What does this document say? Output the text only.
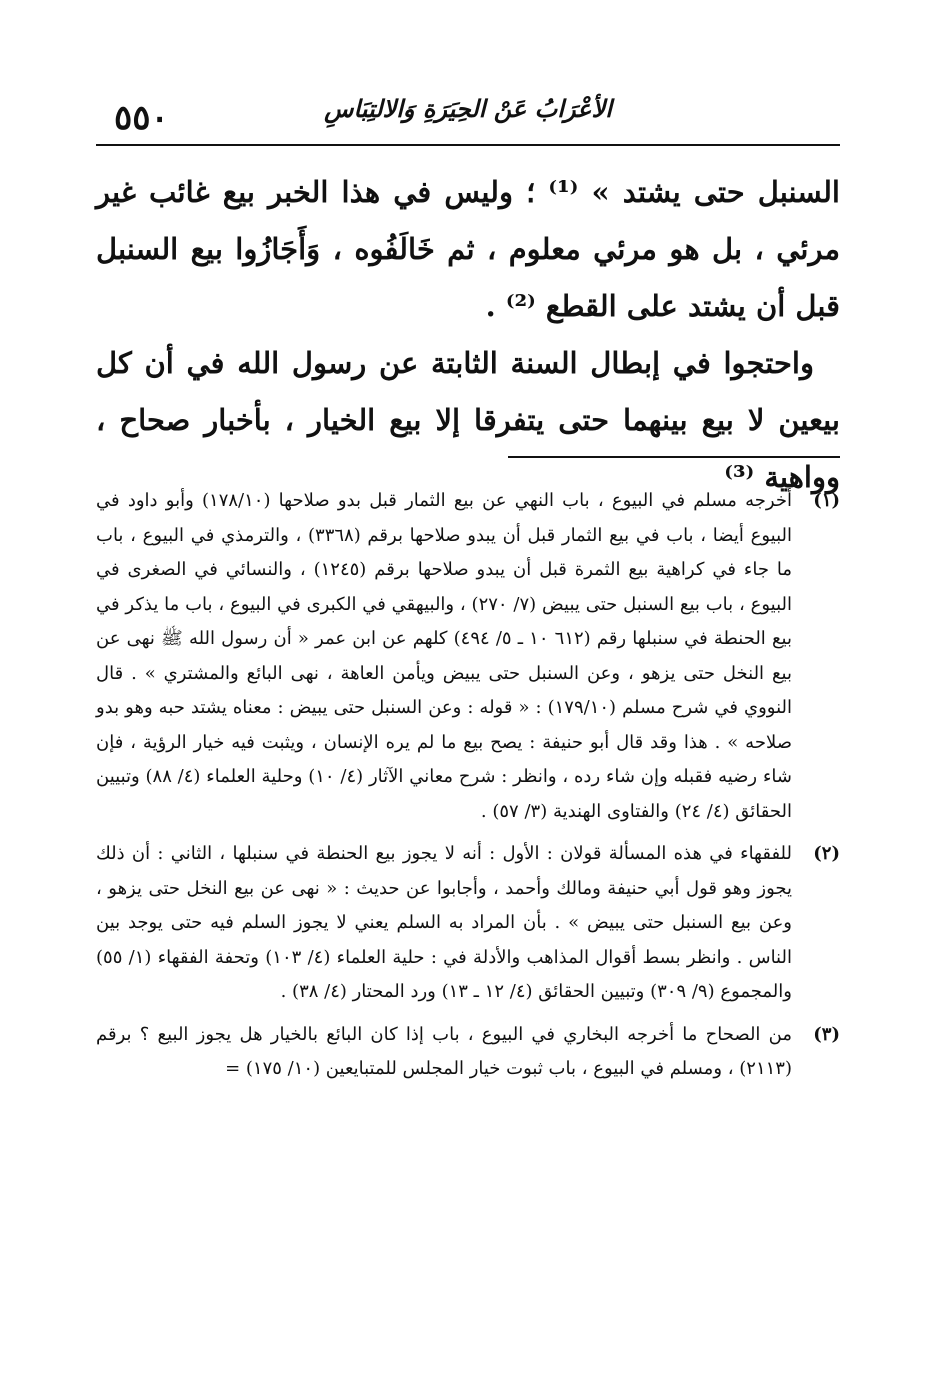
٥٥٠	الأعْرَابُ عَنْ الحِيَرَةِ وَالالتِبَاسِ

السنبل حتى يشتد » ⁽¹⁾ ؛ وليس في هذا الخبر بيع غائب غير مرئي ، بل هو مرئي معلوم ، ثم خَالَفُوه ، وَأَجَازُوا بيع السنبل قبل أن يشتد على القطع ⁽²⁾ .

واحتجوا في إبطال السنة الثابتة عن رسول الله في أن كل بيعين لا بيع بينهما حتى يتفرقا إلا بيع الخيار ، بأخبار صحاح ، وواهية ⁽³⁾

(١)
أخرجه مسلم في البيوع ، باب النهي عن بيع الثمار قبل بدو صلاحها (١٧٨/١٠) وأبو داود في البيوع أيضا ، باب في بيع الثمار قبل أن يبدو صلاحها برقم (٣٣٦٨) ، والترمذي في البيوع ، باب ما جاء في كراهية بيع الثمرة قبل أن يبدو صلاحها برقم (١٢٤٥) ، والنسائي في الصغرى في البيوع ، باب بيع السنبل حتى يبيض (٧/ ٢٧٠) ، والبيهقي في الكبرى في البيوع ، باب ما يذكر في بيع الحنطة في سنبلها رقم (٦١٢ ١٠ ـ ٥/ ٤٩٤) كلهم عن ابن عمر « أن رسول الله ﷺ نهى عن بيع النخل حتى يزهو ، وعن السنبل حتى يبيض ويأمن العاهة ، نهى البائع والمشتري » . قال النووي في شرح مسلم (١٧٩/١٠) : « قوله : وعن السنبل حتى يبيض : معناه يشتد حبه وهو بدو صلاحه » . هذا وقد قال أبو حنيفة : يصح بيع ما لم يره الإنسان ، ويثبت فيه خيار الرؤية ، فإن شاء رضيه فقبله وإن شاء رده ، وانظر : شرح معاني الآثار (٤/ ١٠) وحلية العلماء (٤/ ٨٨) وتبيين الحقائق (٤/ ٢٤) والفتاوى الهندية (٣/ ٥٧) .
(٢)
للفقهاء في هذه المسألة قولان : الأول : أنه لا يجوز بيع الحنطة في سنبلها ، الثاني : أن ذلك يجوز وهو قول أبي حنيفة ومالك وأحمد ، وأجابوا عن حديث : « نهى عن بيع النخل حتى يزهو ، وعن بيع السنبل حتى يبيض » . بأن المراد به السلم يعني لا يجوز السلم فيه حتى يوجد بين الناس . وانظر بسط أقوال المذاهب والأدلة في : حلية العلماء (٤/ ١٠٣) وتحفة الفقهاء (١/ ٥٥) والمجموع (٩/ ٣٠٩) وتبيين الحقائق (٤/ ١٢ ـ ١٣) ورد المحتار (٤/ ٣٨) .
(٣)
من الصحاح ما أخرجه البخاري في البيوع ، باب إذا كان البائع بالخيار هل يجوز البيع ؟ برقم (٢١١٣) ، ومسلم في البيوع ، باب ثبوت خيار المجلس للمتبايعين (١٠/ ١٧٥) =
